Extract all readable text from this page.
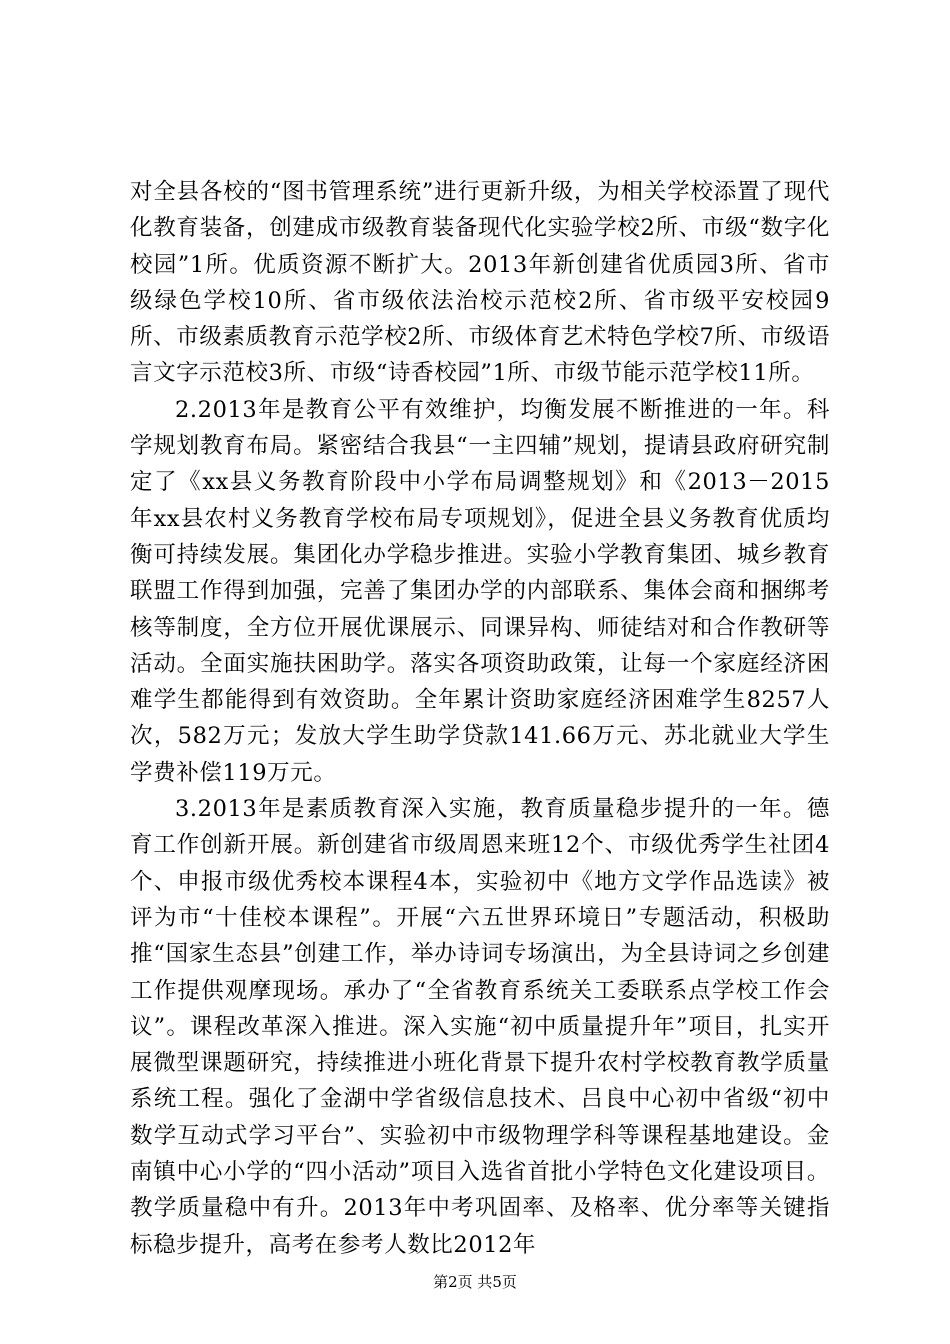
对全县各校的“图书管理系统”进行更新升级，为相关学校添置了现代化教育装备，创建成市级教育装备现代化实验学校2所、市级“数字化校园”1所。优质资源不断扩大。2013年新创建省优质园3所、省市级绿色学校10所、省市级依法治校示范校2所、省市级平安校园9所、市级素质教育示范学校2所、市级体育艺术特色学校7所、市级语言文字示范校3所、市级“诗香校园”1所、市级节能示范学校11所。

2.2013年是教育公平有效维护，均衡发展不断推进的一年。科学规划教育布局。紧密结合我县“一主四辅”规划，提请县政府研究制定了《xx县义务教育阶段中小学布局调整规划》和《2013－2015年xx县农村义务教育学校布局专项规划》，促进全县义务教育优质均衡可持续发展。集团化办学稳步推进。实验小学教育集团、城乡教育联盟工作得到加强，完善了集团办学的内部联系、集体会商和捆绑考核等制度，全方位开展优课展示、同课异构、师徒结对和合作教研等活动。全面实施扶困助学。落实各项资助政策，让每一个家庭经济困难学生都能得到有效资助。全年累计资助家庭经济困难学生8257人次，582万元；发放大学生助学贷款141.66万元、苏北就业大学生学费补偿119万元。

3.2013年是素质教育深入实施，教育质量稳步提升的一年。德育工作创新开展。新创建省市级周恩来班12个、市级优秀学生社团4个、申报市级优秀校本课程4本，实验初中《地方文学作品选读》被评为市“十佳校本课程”。开展“六五世界环境日”专题活动，积极助推“国家生态县”创建工作，举办诗词专场演出，为全县诗词之乡创建工作提供观摩现场。承办了“全省教育系统关工委联系点学校工作会议”。课程改革深入推进。深入实施“初中质量提升年”项目，扎实开展微型课题研究，持续推进小班化背景下提升农村学校教育教学质量系统工程。强化了金湖中学省级信息技术、吕良中心初中省级“初中数学互动式学习平台”、实验初中市级物理学科等课程基地建设。金南镇中心小学的“四小活动”项目入选省首批小学特色文化建设项目。教学质量稳中有升。2013年中考巩固率、及格率、优分率等关键指标稳步提升，高考在参考人数比2012年

第2页 共5页
